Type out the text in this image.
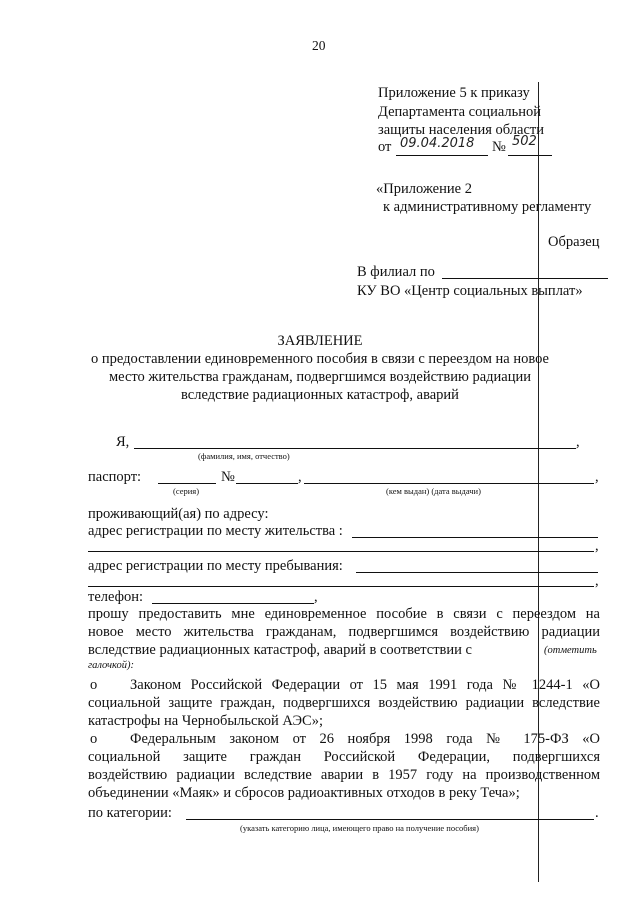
20
Приложение 5 к приказу
Департамента социальной
защиты населения области
от 09.04.2018 № 502
«Приложение 2
к административному регламенту
Образец
В филиал по
КУ ВО «Центр социальных выплат»
ЗАЯВЛЕНИЕ
о предоставлении единовременного пособия в связи с переездом на новое
место жительства гражданам, подвергшимся воздействию радиации
вследствие радиационных катастроф, аварий
Я,	,
(фамилия, имя, отчество)
паспорт:	№	,	,
(серия)	(кем выдан) (дата выдачи)
проживающий(ая) по адресу:
адрес регистрации по месту жительства :
,
адрес регистрации по месту пребывания:
,
телефон:	,
прошу предоставить мне единовременное пособие в связи с переездом на
новое место жительства гражданам, подвергшимся воздействию радиации
вследствие радиационных катастроф, аварий в соответствии с	(отметить
галочкой):
o Законом Российской Федерации от 15 мая 1991 года № 1244-1 «О
социальной защите граждан, подвергшихся воздействию радиации вследствие
катастрофы на Чернобыльской АЭС»;
o Федеральным законом от 26 ноября 1998 года № 175-ФЗ «О
социальной защите граждан Российской Федерации, подвергшихся
воздействию радиации вследствие аварии в 1957 году на производственном
объединении «Маяк» и сбросов радиоактивных отходов в реку Теча»;
по категории:	.
(указать категорию лица, имеющего право на получение пособия)
